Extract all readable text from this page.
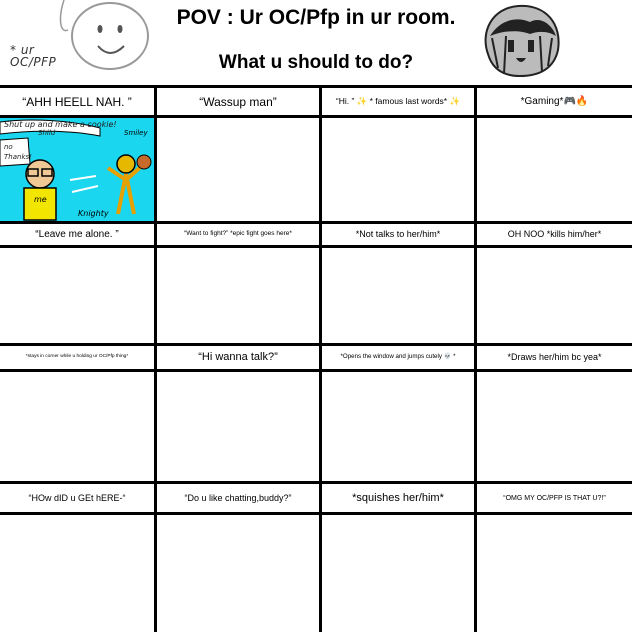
* ur
OC/PFP
POV : Ur OC/Pfp in ur room.
What u should to do?
“AHH HEELL NAH. ”	“Wassup man”	“Hi. ” ✨ * famous last words* ✨	*Gaming*🎮🔥
Shut up and make a cookie!
Shild
no
Thanks!
me
Smiley
Knighty
“Leave me alone. ”	“Want to fight?” *epic fight goes here*	*Not talks to her/him*	OH NOO *kills him/her*
*stays in corner while u holding ur OC/Pfp thing*	“Hi wanna talk?”	*Opens the window and jumps cutely 💀 *	*Draws her/him bc yea*
“HOw dID u GEt hERE-“	“Do u like chatting,buddy?”	*squishes her/him*	“OMG MY OC/PFP IS THAT U?!”
